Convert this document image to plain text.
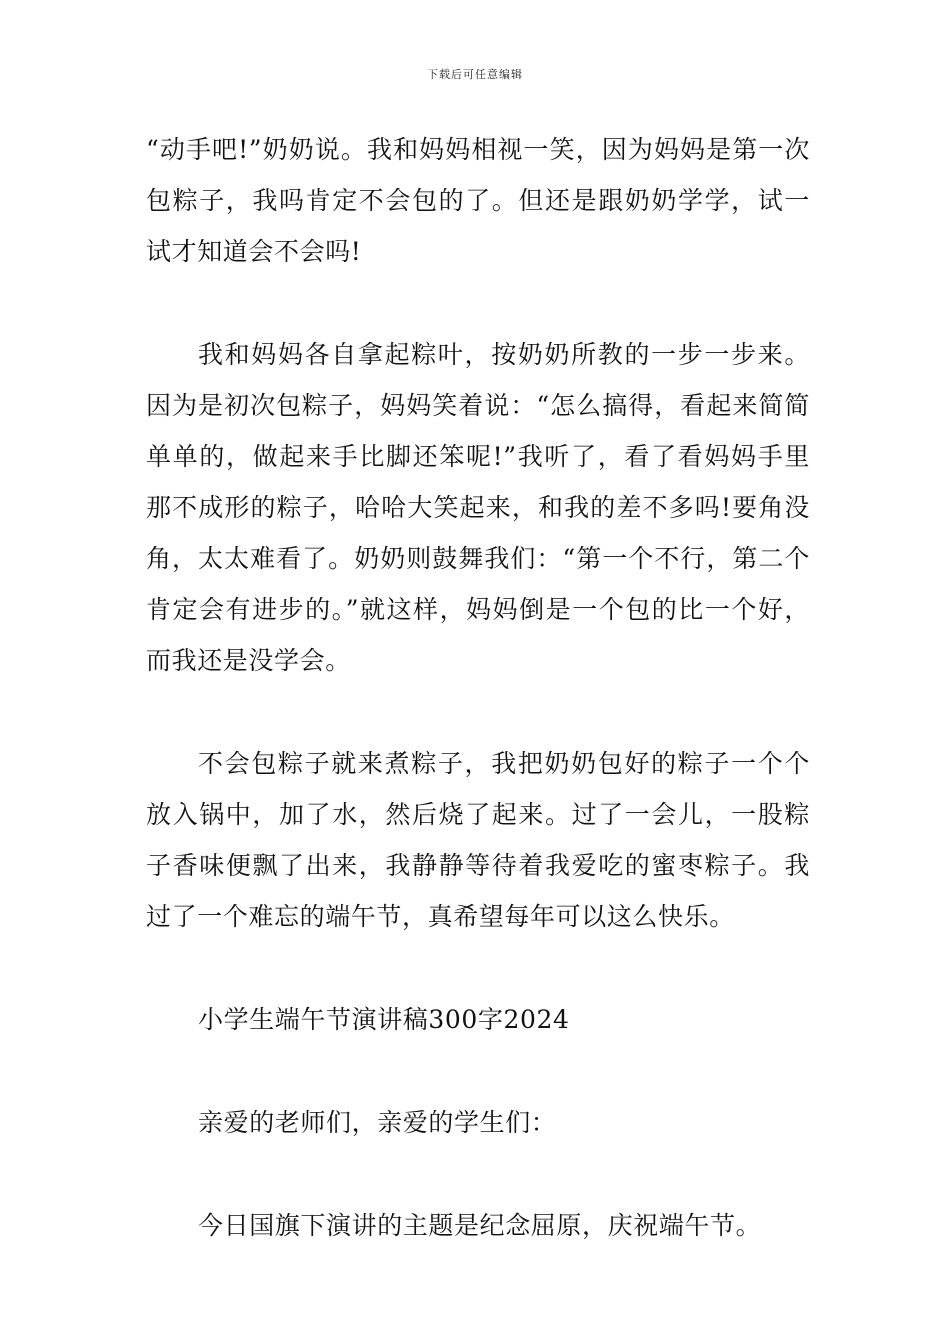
下载后可任意编辑

“动手吧!”奶奶说。我和妈妈相视一笑，因为妈妈是第一次包粽子，我吗肯定不会包的了。但还是跟奶奶学学，试一试才知道会不会吗!

我和妈妈各自拿起粽叶，按奶奶所教的一步一步来。因为是初次包粽子，妈妈笑着说：“怎么搞得，看起来简简单单的，做起来手比脚还笨呢!”我听了，看了看妈妈手里那不成形的粽子，哈哈大笑起来，和我的差不多吗!要角没角，太太难看了。奶奶则鼓舞我们：“第一个不行，第二个肯定会有进步的。”就这样，妈妈倒是一个包的比一个好，而我还是没学会。

不会包粽子就来煮粽子，我把奶奶包好的粽子一个个放入锅中，加了水，然后烧了起来。过了一会儿，一股粽子香味便飘了出来，我静静等待着我爱吃的蜜枣粽子。我过了一个难忘的端午节，真希望每年可以这么快乐。

小学生端午节演讲稿300字2024

亲爱的老师们，亲爱的学生们：

今日国旗下演讲的主题是纪念屈原，庆祝端午节。
